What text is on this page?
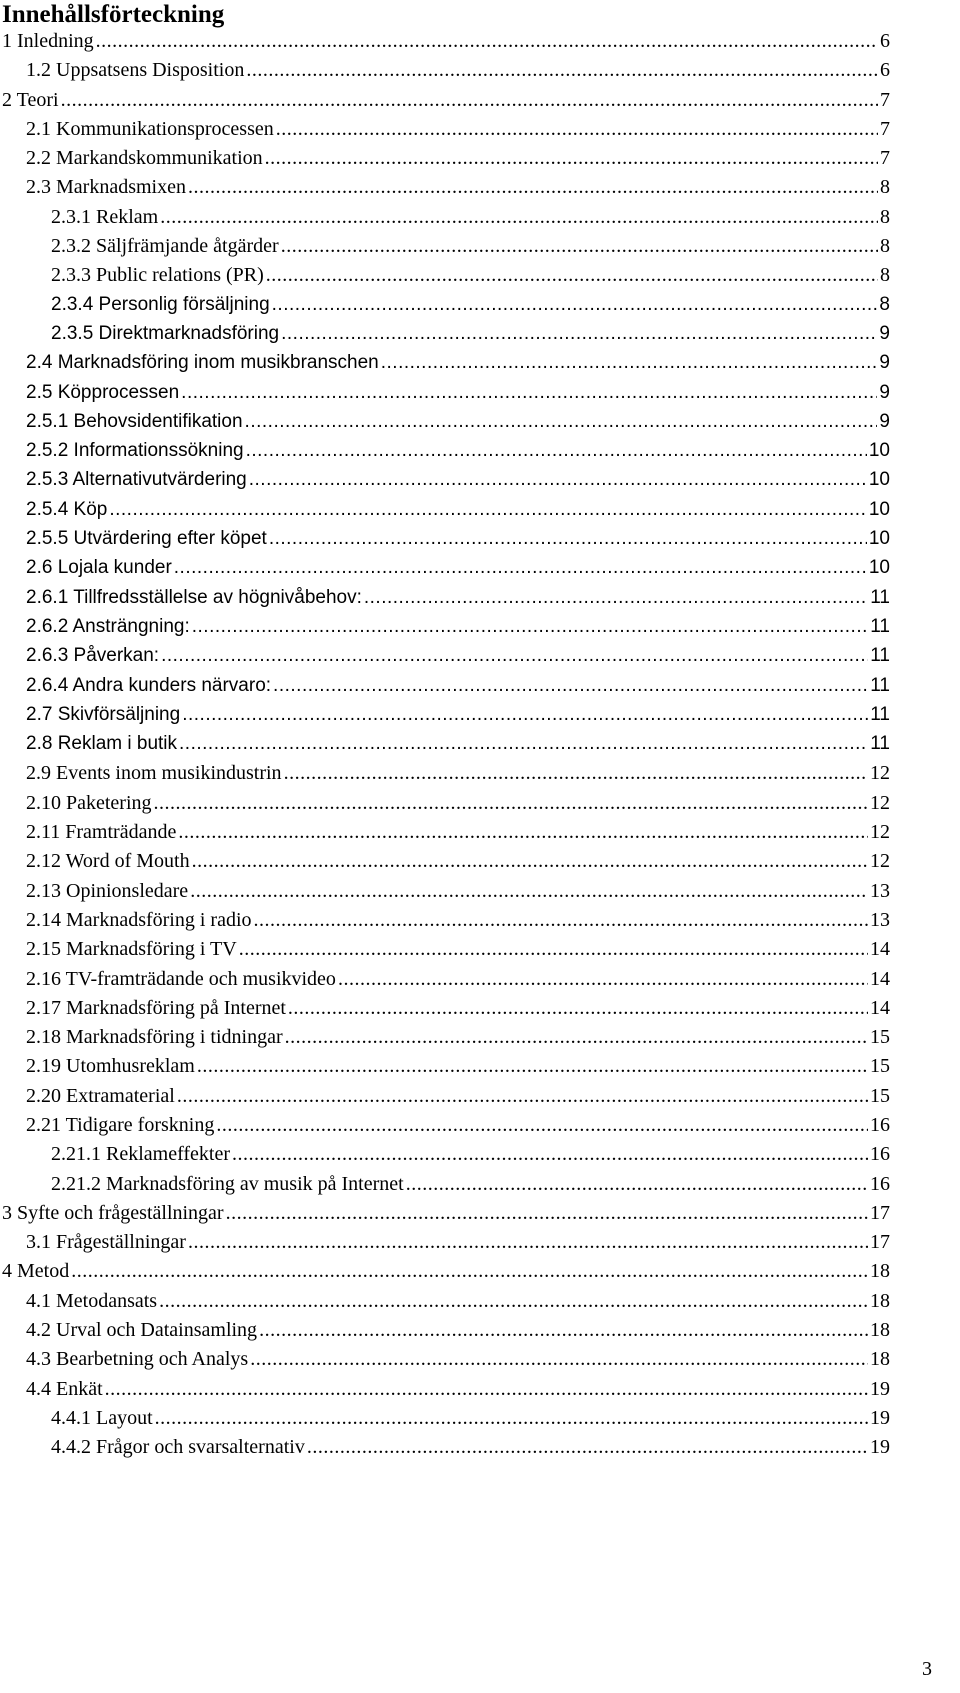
Innehållsförteckning
1 Inledning .....	6
1.2 Uppsatsens Disposition .....	6
2 Teori .....	7
2.1 Kommunikationsprocessen .....	7
2.2 Markandskommunikation .....	7
2.3 Marknadsmixen .....	8
2.3.1 Reklam .....	8
2.3.2 Säljfrämjande åtgärder .....	8
2.3.3 Public relations (PR) .....	8
2.3.4 Personlig försäljning .....	8
2.3.5 Direktmarknadsföring .....	9
2.4 Marknadsföring inom musikbranschen .....	9
2.5 Köpprocessen .....	9
2.5.1 Behovsidentifikation .....	9
2.5.2 Informationssökning .....	10
2.5.3 Alternativutvärdering .....	10
2.5.4 Köp .....	10
2.5.5 Utvärdering efter köpet .....	10
2.6 Lojala kunder .....	10
2.6.1 Tillfredsställelse av högnivåbehov: .....	11
2.6.2 Ansträngning: .....	11
2.6.3 Påverkan: .....	11
2.6.4 Andra kunders närvaro: .....	11
2.7 Skivförsäljning .....	11
2.8 Reklam i butik .....	11
2.9 Events inom musikindustrin .....	12
2.10 Paketering .....	12
2.11 Framträdande .....	12
2.12 Word of Mouth .....	12
2.13 Opinionsledare .....	13
2.14 Marknadsföring i radio .....	13
2.15 Marknadsföring i TV .....	14
2.16 TV-framträdande och musikvideo .....	14
2.17 Marknadsföring på Internet .....	14
2.18 Marknadsföring i tidningar .....	15
2.19 Utomhusreklam .....	15
2.20 Extramaterial .....	15
2.21 Tidigare forskning .....	16
2.21.1 Reklameffekter .....	16
2.21.2 Marknadsföring av musik på Internet .....	16
3 Syfte och frågeställningar .....	17
3.1 Frågeställningar .....	17
4 Metod .....	18
4.1 Metodansats .....	18
4.2 Urval och Datainsamling .....	18
4.3 Bearbetning och Analys .....	18
4.4 Enkät .....	19
4.4.1 Layout .....	19
4.4.2 Frågor och svarsalternativ .....	19
3
